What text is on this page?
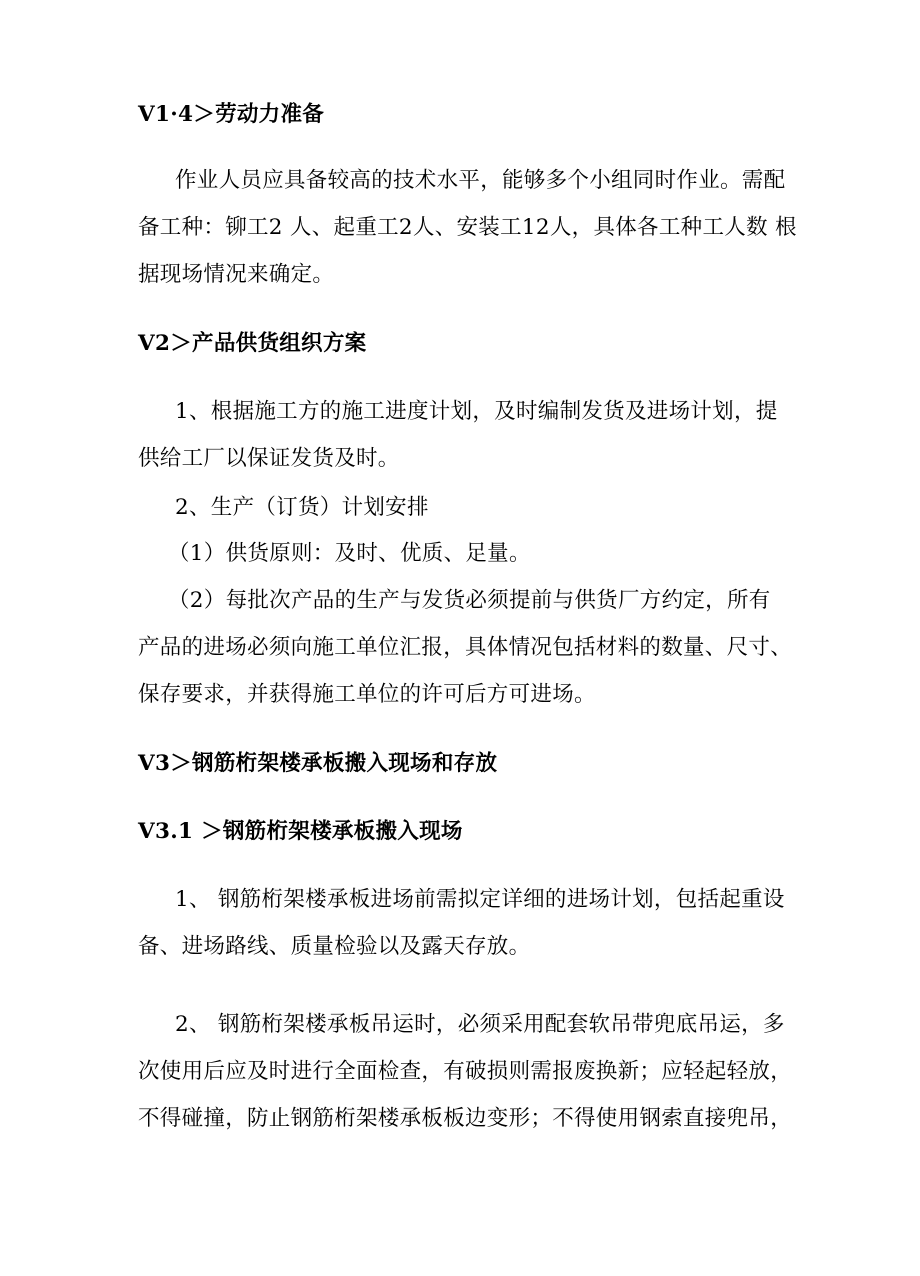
V1·4＞劳动力准备
作业人员应具备较高的技术水平，能够多个小组同时作业。需配
备工种：铆工2 人、起重工2人、安装工12人，具体各工种工人数 根
据现场情况来确定。
V2＞产品供货组织方案
1、根据施工方的施工进度计划，及时编制发货及进场计划，提
供给工厂以保证发货及时。
2、生产（订货）计划安排
（1）供货原则：及时、优质、足量。
（2）每批次产品的生产与发货必须提前与供货厂方约定，所有
产品的进场必须向施工单位汇报，具体情况包括材料的数量、尺寸、
保存要求，并获得施工单位的许可后方可进场。
V3＞钢筋桁架楼承板搬入现场和存放
V3.1 ＞钢筋桁架楼承板搬入现场
1、 钢筋桁架楼承板进场前需拟定详细的进场计划，包括起重设
备、进场路线、质量检验以及露天存放。
2、 钢筋桁架楼承板吊运时，必须采用配套软吊带兜底吊运，多
次使用后应及时进行全面检查，有破损则需报废换新；应轻起轻放，
不得碰撞，防止钢筋桁架楼承板板边变形；不得使用钢索直接兜吊，
